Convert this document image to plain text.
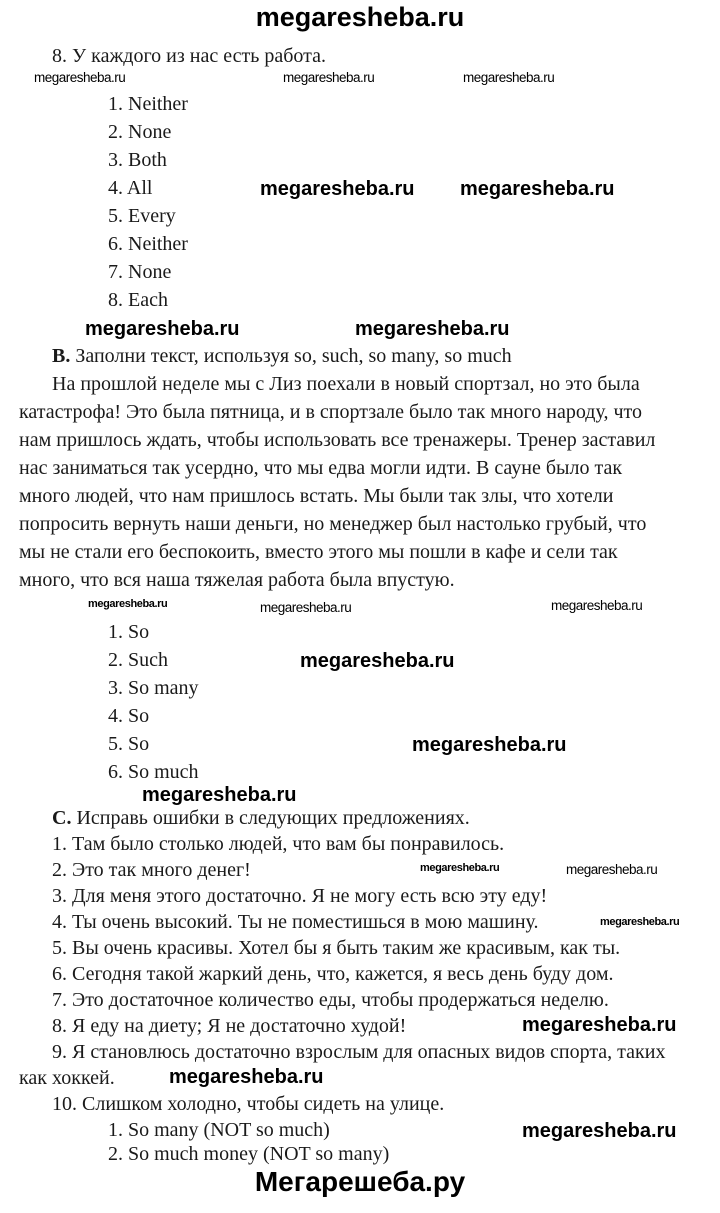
megaresheba.ru
8. У каждого из нас есть работа.
1. Neither
2. None
3. Both
4. All
5. Every
6. Neither
7. None
8. Each
B. Заполни текст, используя so, such, so many, so much
На прошлой неделе мы с Лиз поехали в новый спортзал, но это была
катастрофа! Это была пятница, и в спортзале было так много народу, что
нам пришлось ждать, чтобы использовать все тренажеры. Тренер заставил
нас заниматься так усердно, что мы едва могли идти. В сауне было так
много людей, что нам пришлось встать. Мы были так злы, что хотели
попросить вернуть наши деньги, но менеджер был настолько грубый, что
мы не стали его беспокоить, вместо этого мы пошли в кафе и сели так
много, что вся наша тяжелая работа была впустую.
1. So
2. Such
3. So many
4. So
5. So
6. So much
C. Исправь ошибки в следующих предложениях.
1. Там было столько людей, что вам бы понравилось.
2. Это так много денег!
3. Для меня этого достаточно. Я не могу есть всю эту еду!
4. Ты очень высокий. Ты не поместишься в мою машину.
5. Вы очень красивы. Хотел бы я быть таким же красивым, как ты.
6. Сегодня такой жаркий день, что, кажется, я весь день буду дом.
7. Это достаточное количество еды, чтобы продержаться неделю.
8. Я еду на диету; Я не достаточно худой!
9. Я становлюсь достаточно взрослым для опасных видов спорта, таких
как хоккей.
10. Слишком холодно, чтобы сидеть на улице.
1. So many (NOT so much)
2. So much money (NOT so many)
megaresheba.ru	megaresheba.ru	megaresheba.ru
megaresheba.ru megaresheba.ru
megaresheba.ru	megaresheba.ru
megaresheba.ru	megaresheba.ru
megaresheba.ru
megaresheba.ru
megaresheba.ru
megaresheba.ru
megaresheba.ru	megaresheba.ru
megaresheba.ru
megaresheba.ru
megaresheba.ru
megaresheba.ru
Мегарешеба.ру
